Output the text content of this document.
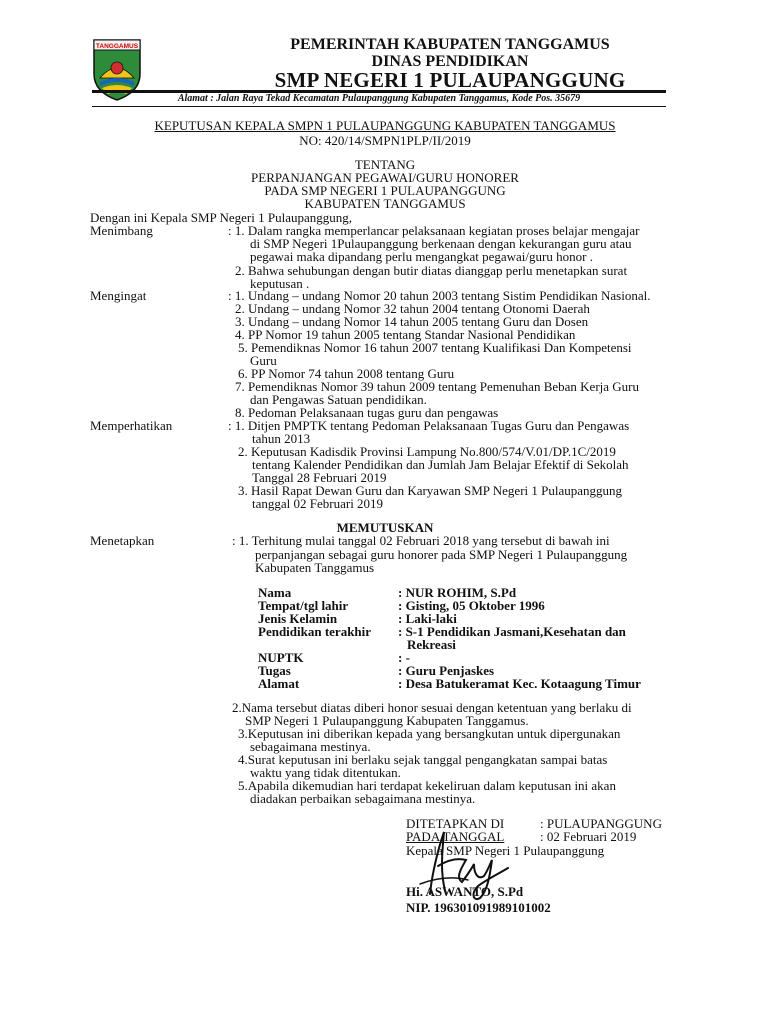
TANGGAMUS	PEMERINTAH KABUPATEN TANGGAMUS
DINAS PENDIDIKAN
SMP NEGERI 1 PULAUPANGGUNG
Alamat : Jalan Raya Tekad Kecamatan Pulaupanggung Kabupaten Tanggamus, Kode Pos. 35679
KEPUTUSAN KEPALA SMPN 1 PULAUPANGGUNG KABUPATEN TANGGAMUS
NO: 420/14/SMPN1PLP/II/2019
TENTANG
PERPANJANGAN PEGAWAI/GURU HONORER
PADA SMP NEGERI 1 PULAUPANGGUNG
KABUPATEN TANGGAMUS
Dengan ini Kepala SMP Negeri 1 Pulaupanggung,
Menimbang	: 1. Dalam rangka memperlancar pelaksanaan kegiatan proses belajar mengajar
di SMP Negeri 1Pulaupanggung berkenaan dengan kekurangan guru atau
pegawai maka dipandang perlu mengangkat pegawai/guru honor .
2. Bahwa sehubungan dengan butir diatas dianggap perlu menetapkan surat
keputusan .
Mengingat	: 1. Undang – undang Nomor 20 tahun 2003 tentang Sistim Pendidikan Nasional.
2. Undang – undang Nomor 32 tahun 2004 tentang Otonomi Daerah
3. Undang – undang Nomor 14 tahun 2005 tentang Guru dan Dosen
4. PP Nomor 19 tahun 2005 tentang Standar Nasional Pendidikan
5. Pemendiknas Nomor 16 tahun 2007 tentang Kualifikasi Dan Kompetensi
Guru
6. PP Nomor 74 tahun 2008 tentang Guru
7. Pemendiknas Nomor 39 tahun 2009 tentang Pemenuhan Beban Kerja Guru
dan Pengawas Satuan pendidikan.
8. Pedoman Pelaksanaan tugas guru dan pengawas
Memperhatikan	: 1. Ditjen PMPTK tentang Pedoman Pelaksanaan Tugas Guru dan Pengawas
tahun 2013
2. Keputusan Kadisdik Provinsi Lampung No.800/574/V.01/DP.1C/2019
tentang Kalender Pendidikan dan Jumlah Jam Belajar Efektif di Sekolah
Tanggal 28 Februari 2019
3. Hasil Rapat Dewan Guru dan Karyawan SMP Negeri 1 Pulaupanggung
tanggal 02 Februari 2019
MEMUTUSKAN
Menetapkan	: 1. Terhitung mulai tanggal 02 Februari 2018 yang tersebut di bawah ini
perpanjangan sebagai guru honorer pada SMP Negeri 1 Pulaupanggung
Kabupaten Tanggamus
Nama	: NUR ROHIM, S.Pd
Tempat/tgl lahir	: Gisting, 05 Oktober 1996
Jenis Kelamin	: Laki-laki
Pendidikan terakhir : S-1 Pendidikan Jasmani,Kesehatan dan
Rekreasi
NUPTK	: -
Tugas	: Guru Penjaskes
Alamat	: Desa Batukeramat Kec. Kotaagung Timur
2.Nama tersebut diatas diberi honor sesuai dengan ketentuan yang berlaku di
SMP Negeri 1 Pulaupanggung Kabupaten Tanggamus.
3.Keputusan ini diberikan kepada yang bersangkutan untuk dipergunakan
sebagaimana mestinya.
4.Surat keputusan ini berlaku sejak tanggal pengangkatan sampai batas
waktu yang tidak ditentukan.
5.Apabila dikemudian hari terdapat kekeliruan dalam keputusan ini akan
diadakan perbaikan sebagaimana mestinya.
DITETAPKAN DI	: PULAUPANGGUNG
PADA TANGGAL	: 02 Februari 2019
Kepala SMP Negeri 1 Pulaupanggung
Hi. ASWANTO, S.Pd
NIP. 196301091989101002
